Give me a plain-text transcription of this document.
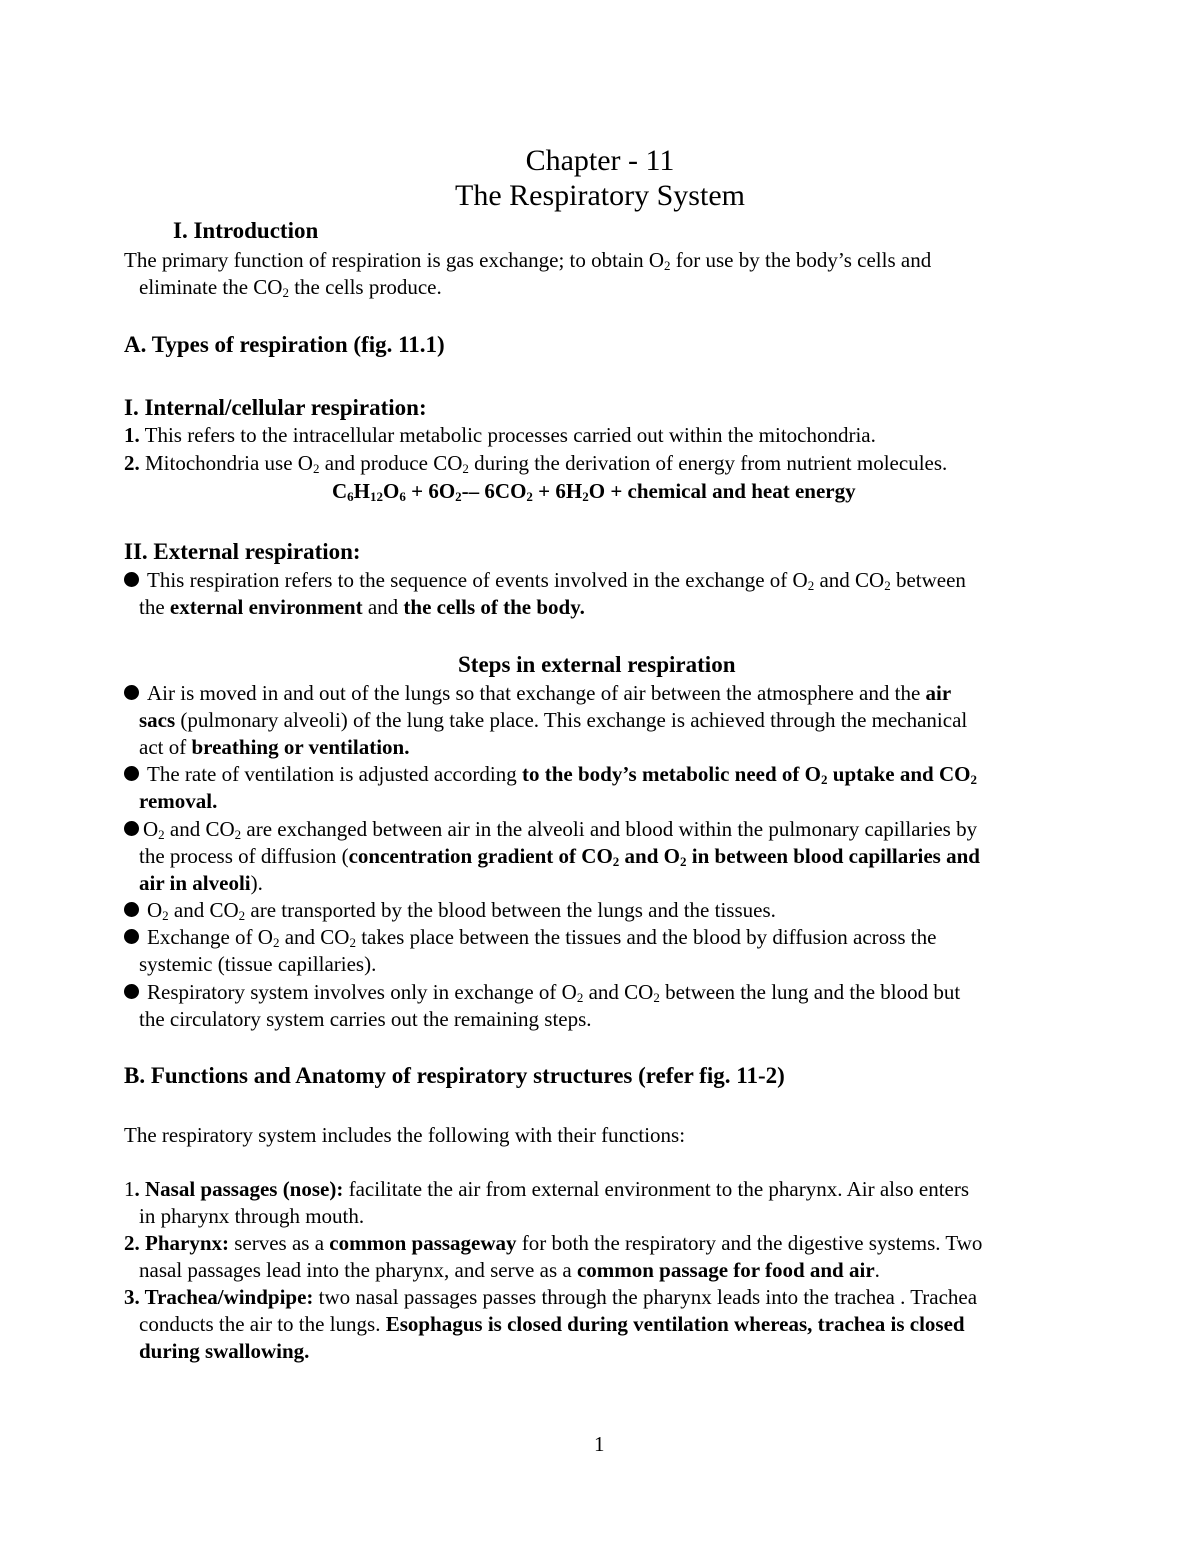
Chapter - 11
The Respiratory System
I. Introduction
The primary function of respiration is gas exchange; to obtain $O_2$ for use by the body’s cells and
eliminate the $CO_2$ the cells produce.
A. Types of respiration (fig. 11.1)
I. Internal/cellular respiration:
1. This refers to the intracellular metabolic processes carried out within the mitochondria.
2. Mitochondria use $O_2$ and produce $CO_2$ during the derivation of energy from nutrient molecules.
$C_6H_{12}O_6 + 6O_2--$ $6CO_2 + 6H_2O$ + chemical and heat energy
II. External respiration:
This respiration refers to the sequence of events involved in the exchange of $O_2$ and $CO_2$ between
the external environment and the cells of the body.
Steps in external respiration
Air is moved in and out of the lungs so that exchange of air between the atmosphere and the air
sacs (pulmonary alveoli) of the lung take place. This exchange is achieved through the mechanical
act of breathing or ventilation.
The rate of ventilation is adjusted according to the body’s metabolic need of $O_2$ uptake and $CO_2$
removal.
$O_2$ and $CO_2$ are exchanged between air in the alveoli and blood within the pulmonary capillaries by
the process of diffusion (concentration gradient of $CO_2$ and $O_2$ in between blood capillaries and
air in alveoli).
$O_2$ and $CO_2$ are transported by the blood between the lungs and the tissues.
Exchange of $O_2$ and $CO_2$ takes place between the tissues and the blood by diffusion across the
systemic (tissue capillaries).
Respiratory system involves only in exchange of $O_2$ and $CO_2$ between the lung and the blood but
the circulatory system carries out the remaining steps.
B. Functions and Anatomy of respiratory structures (refer fig. 11-2)
The respiratory system includes the following with their functions:
1. Nasal passages (nose): facilitate the air from external environment to the pharynx. Air also enters
in pharynx through mouth.
2. Pharynx: serves as a common passageway for both the respiratory and the digestive systems. Two
nasal passages lead into the pharynx, and serve as a common passage for food and air.
3. Trachea/windpipe: two nasal passages passes through the pharynx leads into the trachea . Trachea
conducts the air to the lungs. Esophagus is closed during ventilation whereas, trachea is closed
during swallowing.
1
